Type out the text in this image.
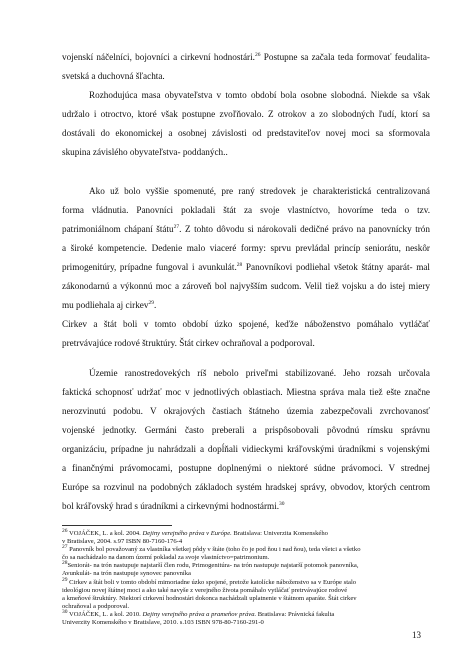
vojenskí náčelníci, bojovníci a cirkevní hodnostári.$^{26}$ Postupne sa začala teda formovať feudalita-
svetská a duchovná šľachta.
Rozhodujúca masa obyvateľstva v tomto období bola osobne slobodná. Niekde sa však
udržalo i otroctvo, ktoré však postupne zvoľňovalo. Z otrokov a zo slobodných ľudí, ktorí sa
dostávali do ekonomickej a osobnej závislosti od predstaviteľov novej moci sa sformovala
skupina závislého obyvateľstva- poddaných..
Ako už bolo vyššie spomenuté, pre raný stredovek je charakteristická centralizovaná
forma vládnutia. Panovníci pokladali štát za svoje vlastníctvo, hovoríme teda o tzv.
patrimoniálnom chápaní štátu$^{27}$. Z tohto dôvodu si nárokovali dedičné právo na panovnícky trón
a široké kompetencie. Dedenie malo viaceré formy: sprvu prevládal princíp seniorátu, neskôr
primogenitúry, prípadne fungoval i avunkulát.$^{28}$ Panovníkovi podliehal všetok štátny aparát- mal
zákonodarnú a výkonnú moc a zároveň bol najvyšším sudcom. Velil tiež vojsku a do istej miery
mu podliehala aj cirkev$^{29}$.
Cirkev a štát boli v tomto období úzko spojené, keďže náboženstvo pomáhalo vytláčať
pretrvávajúce rodové štruktúry. Štát cirkev ochraňoval a podporoval.
Územie ranostredovekých ríš nebolo priveľmi stabilizované. Jeho rozsah určovala
faktická schopnosť udržať moc v jednotlivých oblastiach. Miestna správa mala tiež ešte značne
nerozvinutú podobu. V okrajových častiach štátneho územia zabezpečovali zvrchovanosť
vojenské jednotky. Germáni často preberali a prispôsobovali pôvodnú rímsku správnu
organizáciu, prípadne ju nahrádzali a dopĺňali vidieckymi kráľovskými úradníkmi s vojenskými
a finančnými právomocami, postupne doplnenými o niektoré súdne právomoci. V strednej
Európe sa rozvinul na podobných základoch systém hradskej správy, obvodov, ktorých centrom
bol kráľovský hrad s úradníkmi a cirkevnými hodnostármi.$^{30}$
$^{26}$ VOJÁČEK, L. a kol. 2004. Dejiny verejného práva v Európe. Bratislava: Univerzita Komenského
v Bratislave, 2004. s.97 ISBN 80-7160-176-4
$^{27}$ Panovník bol považovaný za vlastníka všetkej pôdy v štáte (toho čo je pod ňou i nad ňou), teda všetci a všetko
čo sa nachádzalo na danom území pokladal za svoje vlastníctvo=patrimonium.
$^{28}$Seniorát- na trón nastupuje najstarší člen rodu, Primogenitúra- na trón nastupuje najstarší potomok panovníka,
Avunkulát- na trón nastupuje synovec panovníka
$^{29}$ Cirkev a štát boli v tomto období mimoriadne úzko spojené, pretože katolícke náboženstvo sa v Európe stalo
ideológiou novej štátnej moci a ako také navyše z verejného života pomáhalo vytláčať pretrvávajúce rodové
a kmeňové štruktúry. Niektorí cirkevní hodnostári dokonca nachádzali uplatnenie v štátnom aparáte. Štát cirkev
ochraňoval a podporoval.
$^{30}$ VOJÁČEK, L. a kol. 2010. Dejiny verejného práva a prameňov práva. Bratislava: Právnická fakulta
Univerzity Komenského v Bratislave, 2010. s.103 ISBN 978-80-7160-291-0
13
